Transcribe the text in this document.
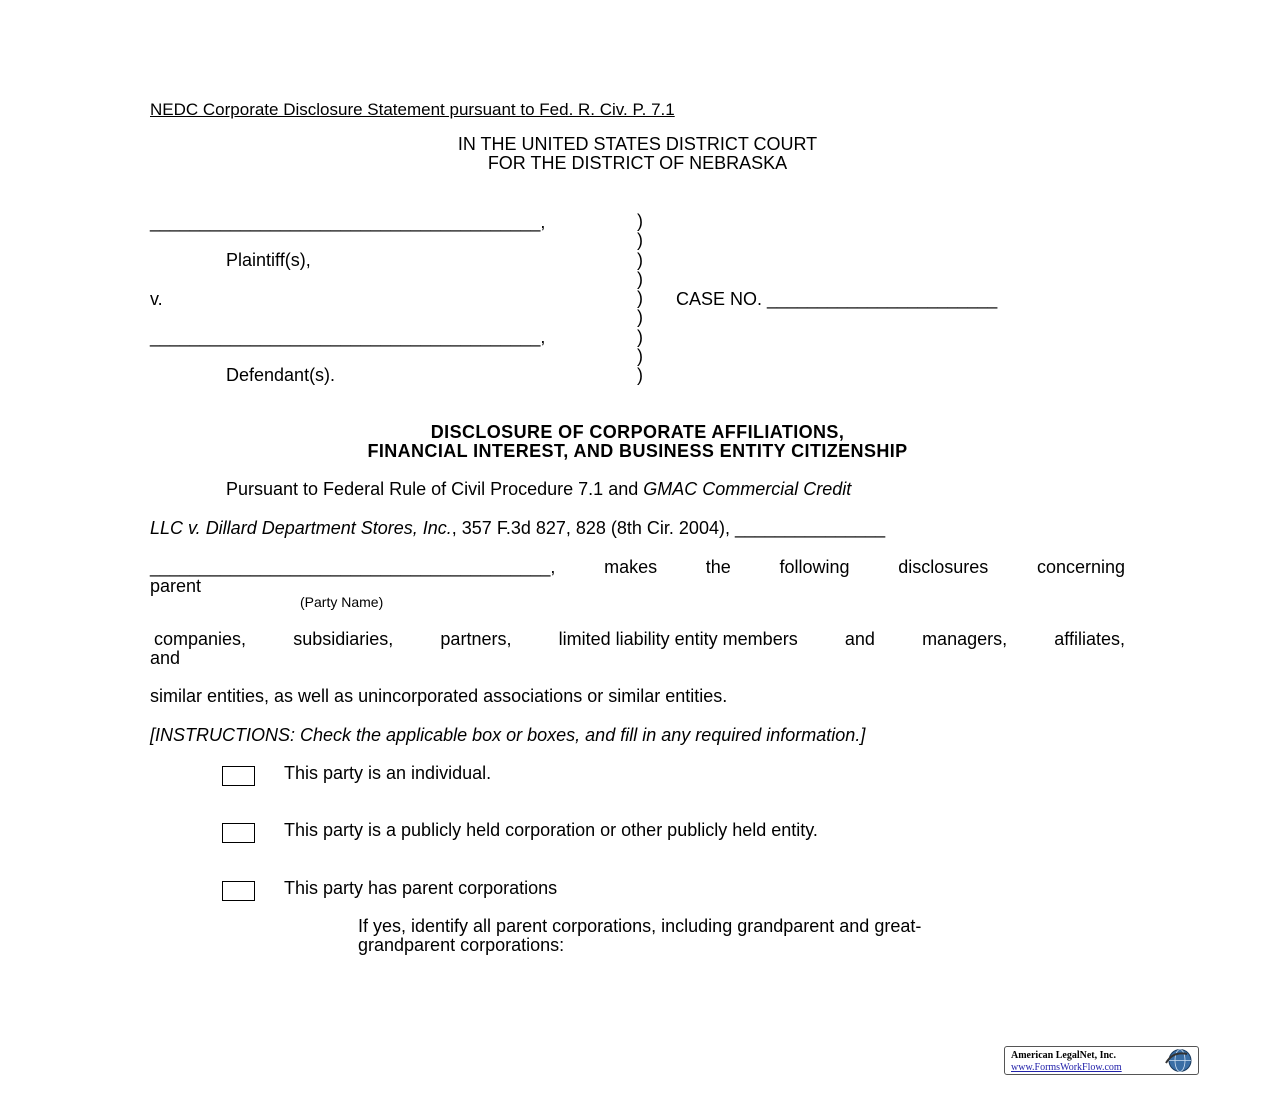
NEDC Corporate Disclosure Statement pursuant to Fed. R. Civ. P. 7.1
IN THE UNITED STATES DISTRICT COURT
FOR THE DISTRICT OF NEBRASKA
_______________________________________,
Plaintiff(s),
v.
_______________________________________,
Defendant(s).
)
)
)
)
)
)
)
)
)
CASE NO. _______________________
DISCLOSURE OF CORPORATE AFFILIATIONS,
FINANCIAL INTEREST, AND BUSINESS ENTITY CITIZENSHIP
Pursuant to Federal Rule of Civil Procedure 7.1 and GMAC Commercial Credit
LLC v. Dillard Department Stores, Inc., 357 F.3d 827, 828 (8th Cir. 2004), _______________
________________________________________,	makes	the	following	disclosures	concerning
parent
(Party Name)
companies,	subsidiaries,	partners,	limited liability entity members	and	managers,	affiliates,
and
similar entities, as well as unincorporated associations or similar entities.
[INSTRUCTIONS: Check the applicable box or boxes, and fill in any required information.]
This party is an individual.
This party is a publicly held corporation or other publicly held entity.
This party has parent corporations
If yes, identify all parent corporations, including grandparent and great-
grandparent corporations:
American LegalNet, Inc.
www.FormsWorkFlow.com
